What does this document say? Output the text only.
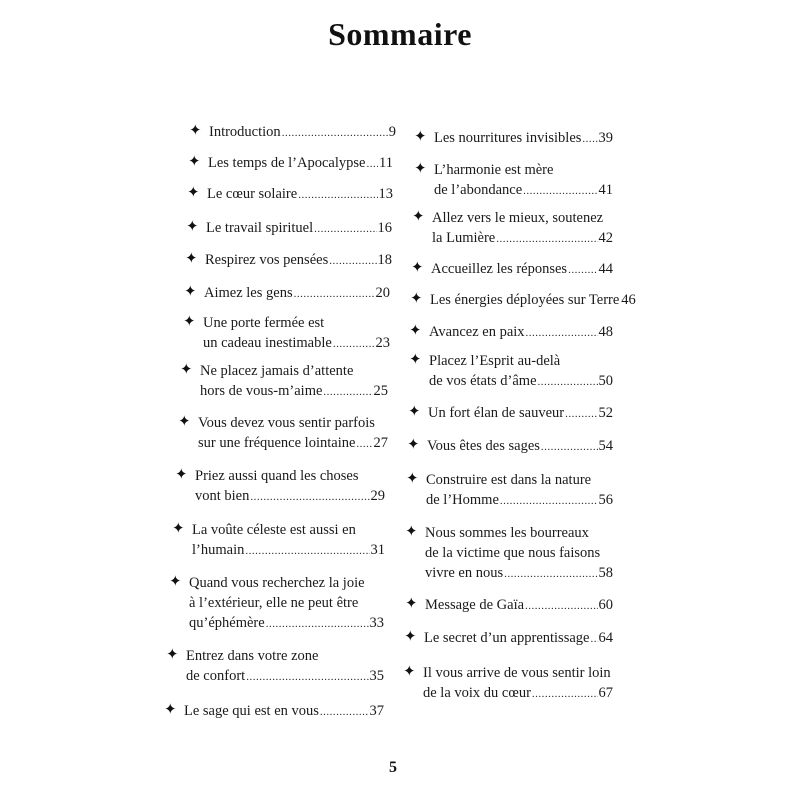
Sommaire
✦ Introduction .....	9
✦ Les temps de l’Apocalypse ..... 11
✦ Le cœur solaire .....	13
✦ Le travail spirituel .....	16
✦ Respirez vos pensées .....	18
✦ Aimez les gens .....	20
✦ Une porte fermée est
un cadeau inestimable .....	23
✦ Ne placez jamais d’attente
hors de vous-m’aime .....	25
✦ Vous devez vous sentir parfois
sur une fréquence lointaine ..... 27
✦ Priez aussi quand les choses
vont bien .....	29
✦ La voûte céleste est aussi en
l’humain .....	31
✦ Quand vous recherchez la joie
à l’extérieur, elle ne peut être
qu’éphémère .....	33
✦ Entrez dans votre zone
de confort .....	35
✦ Le sage qui est en vous .....	37
✦ Les nourritures invisibles ..... 39
✦ L’harmonie est mère
de l’abondance .....	41
✦ Allez vers le mieux, soutenez
la Lumière .....	42
✦ Accueillez les réponses ..... 44
✦ Les énergies déployées sur Terre 46
✦ Avancez en paix .....	48
✦ Placez l’Esprit au-delà
de vos états d’âme .....	50
✦ Un fort élan de sauveur ..... 52
✦ Vous êtes des sages .....	54
✦ Construire est dans la nature
de l’Homme .....	56
✦ Nous sommes les bourreaux
de la victime que nous faisons
vivre en nous .....	58
✦ Message de Gaïa .....	60
✦ Le secret d’un apprentissage ..... 64
✦ Il vous arrive de vous sentir loin
de la voix du cœur .....	67
5
